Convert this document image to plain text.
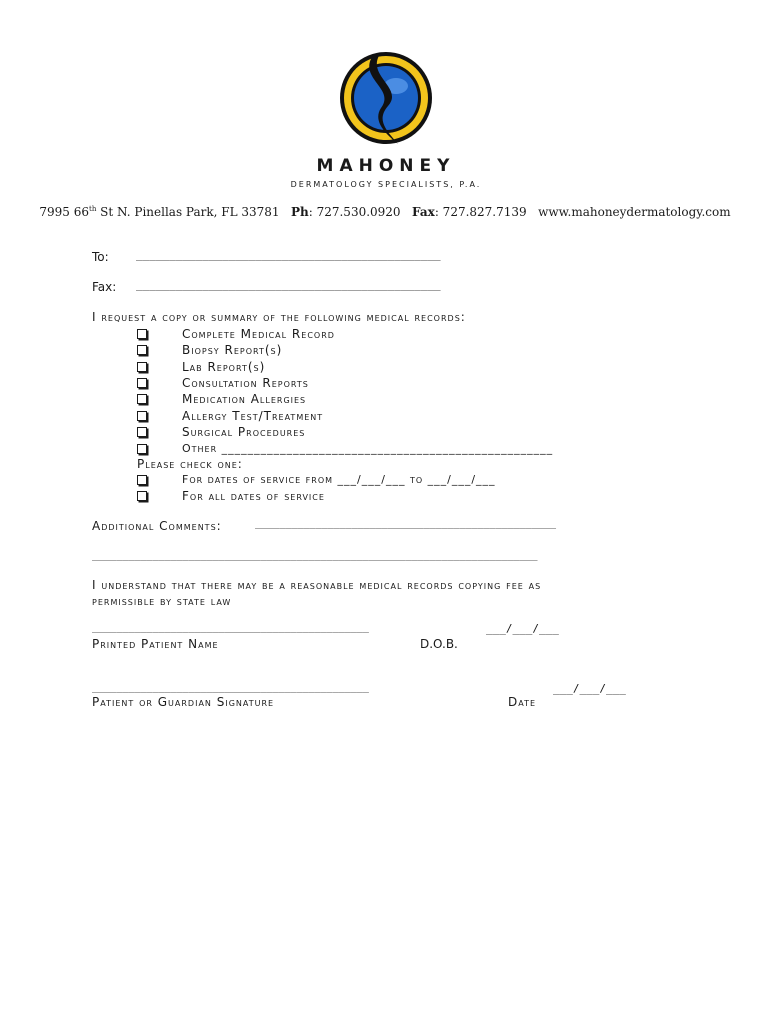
MAHONEY
DERMATOLOGY SPECIALISTS, P.A.
7995 66th St N. Pinellas Park, FL 33781 Ph: 727.530.0920 Fax: 727.827.7139 www.mahoneydermatology.com
To: ______________________________________________
Fax: ______________________________________________
I request a copy or summary of the following medical records:
Complete Medical Record
Biopsy Report(s)
Lab Report(s)
Consultation Reports
Medication Allergies
Allergy Test/Treatment
Surgical Procedures
Other ___________________________________________________
Please check one:
For dates of service from ___/___/___ to ___/___/___
For all dates of service
Additional Comments:	__________________________________________________
__________________________________________________________________________
I understand that there may be a reasonable medical records copying fee as
permissible by state law
______________________________________________	___/___/___
Printed Patient Name	D.O.B.
______________________________________________	___/___/___
Patient or Guardian Signature	Date
